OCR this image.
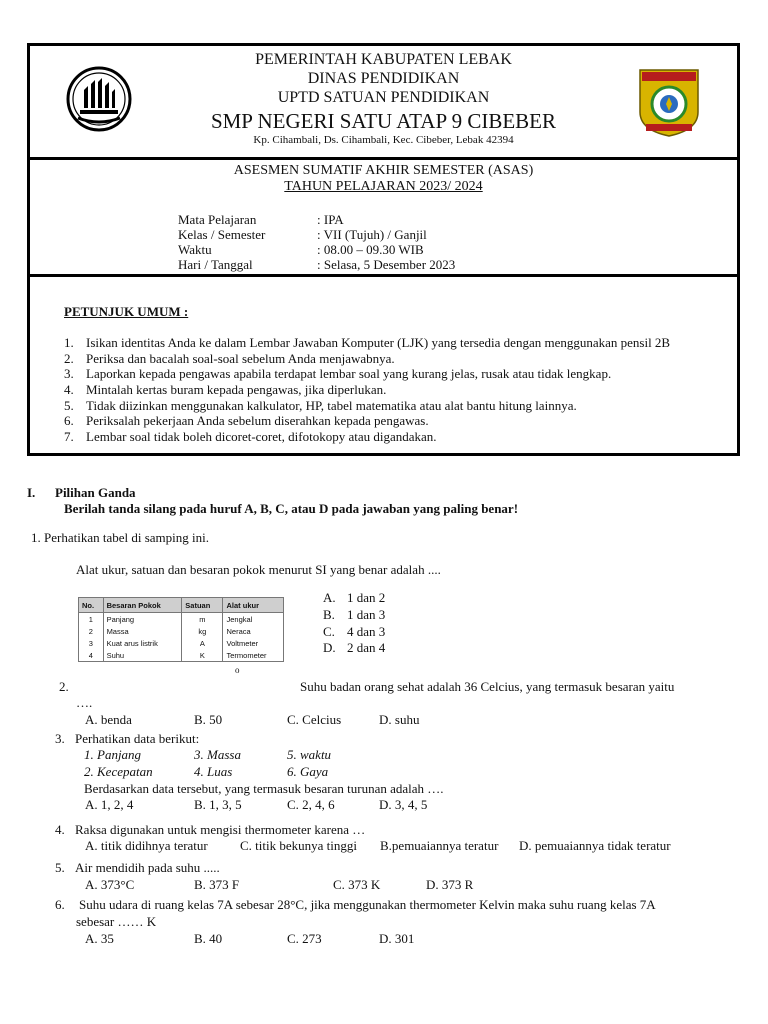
PEMERINTAH KABUPATEN LEBAK
DINAS PENDIDIKAN
UPTD SATUAN PENDIDIKAN
SMP NEGERI SATU ATAP 9 CIBEBER
Kp. Cihambali, Ds. Cihambali, Kec. Cibeber, Lebak 42394
ASESMEN SUMATIF AKHIR SEMESTER (ASAS)
TAHUN PELAJARAN 2023/ 2024
Mata Pelajaran	: IPA
Kelas / Semester	: VII (Tujuh) / Ganjil
Waktu	: 08.00 – 09.30 WIB
Hari / Tanggal	: Selasa, 5 Desember 2023
PETUNJUK UMUM :
1. Isikan identitas Anda ke dalam Lembar Jawaban Komputer (LJK) yang tersedia dengan menggunakan pensil 2B
2. Periksa dan bacalah soal-soal sebelum Anda menjawabnya.
3. Laporkan kepada pengawas apabila terdapat lembar soal yang kurang jelas, rusak atau tidak lengkap.
4. Mintalah kertas buram kepada pengawas, jika diperlukan.
5. Tidak diizinkan menggunakan kalkulator, HP, tabel matematika atau alat bantu hitung lainnya.
6. Periksalah pekerjaan Anda sebelum diserahkan kepada pengawas.
7. Lembar soal tidak boleh dicoret-coret, difotokopy atau digandakan.
I. Pilihan Ganda
Berilah tanda silang pada huruf A, B, C, atau D pada jawaban yang paling benar!
1. Perhatikan tabel di samping ini.
Alat ukur, satuan dan besaran pokok menurut SI yang benar adalah ....
No.	Besaran Pokok	Satuan	Alat ukur
1	Panjang	m	Jengkal
2	Massa	kg	Neraca
3	Kuat arus listrik	A	Voltmeter
4	Suhu	K	Termometer
A. 1 dan 2
B. 1 dan 3
C. 4 dan 3
D. 2 dan 4
o
2.	Suhu badan orang sehat adalah 36 Celcius, yang termasuk besaran yaitu
….
A. benda	B. 50	C. Celcius	D. suhu
3. Perhatikan data berikut:
1. Panjang	3. Massa	5. waktu
2. Kecepatan	4. Luas	6. Gaya
Berdasarkan data tersebut, yang termasuk besaran turunan adalah ….
A. 1, 2, 4	B. 1, 3, 5	C. 2, 4, 6	D. 3, 4, 5
4. Raksa digunakan untuk mengisi thermometer karena …
A. titik didihnya teratur C. titik bekunya tinggi B.pemuaiannya teratur D. pemuaiannya tidak teratur
5. Air mendidih pada suhu .....
A. 373°C	B. 373 F	C. 373 K	D. 373 R
6. Suhu udara di ruang kelas 7A sebesar 28°C, jika menggunakan thermometer Kelvin maka suhu ruang kelas 7A
sebesar …… K
A. 35	B. 40	C. 273	D. 301
